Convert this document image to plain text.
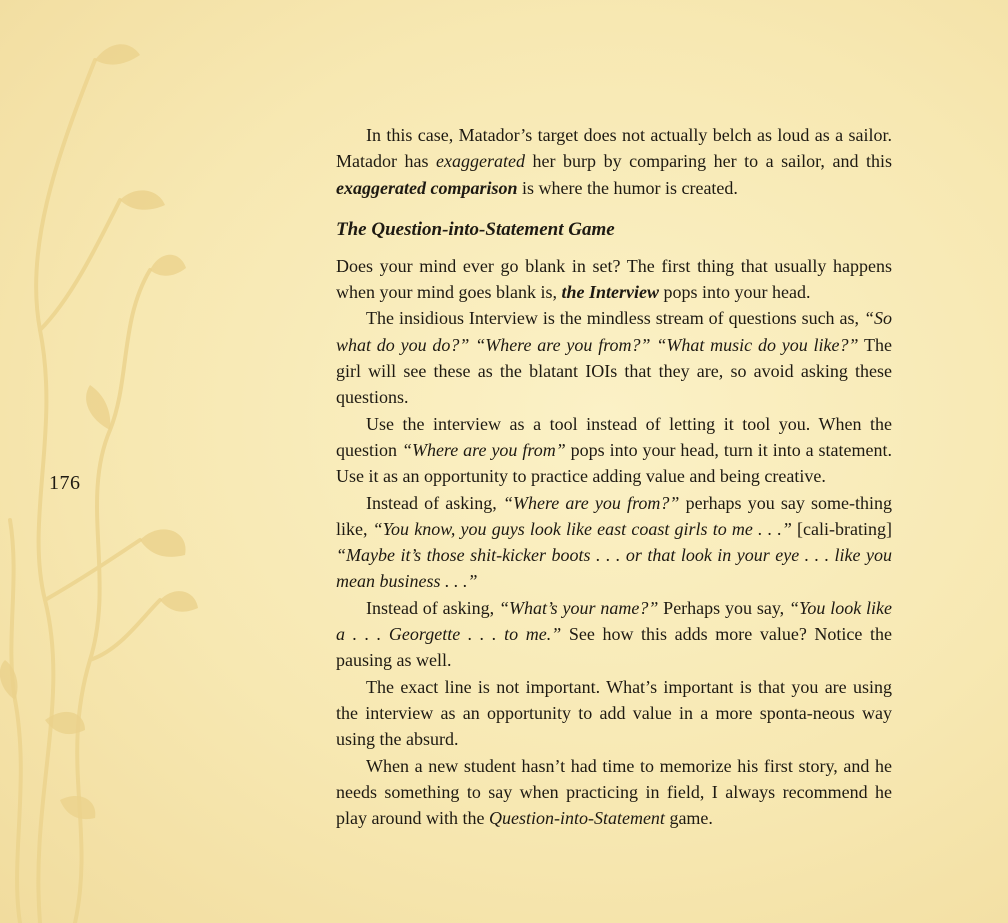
176

In this case, Matador’s target does not actually belch as loud as a sailor. Matador has exaggerated her burp by comparing her to a sailor, and this exaggerated comparison is where the humor is created.

The Question-into-Statement Game

Does your mind ever go blank in set? The first thing that usually happens when your mind goes blank is, the Interview pops into your head.

The insidious Interview is the mindless stream of questions such as, “So what do you do?” “Where are you from?” “What music do you like?” The girl will see these as the blatant IOIs that they are, so avoid asking these questions.

Use the interview as a tool instead of letting it tool you. When the question “Where are you from” pops into your head, turn it into a statement. Use it as an opportunity to practice adding value and being creative.

Instead of asking, “Where are you from?” perhaps you say some-thing like, “You know, you guys look like east coast girls to me . . .” [cali-brating] “Maybe it’s those shit-kicker boots . . . or that look in your eye . . . like you mean business . . .”

Instead of asking, “What’s your name?” Perhaps you say, “You look like a . . . Georgette . . . to me.” See how this adds more value? Notice the pausing as well.

The exact line is not important. What’s important is that you are using the interview as an opportunity to add value in a more sponta-neous way using the absurd.

When a new student hasn’t had time to memorize his first story, and he needs something to say when practicing in field, I always recommend he play around with the Question-into-Statement game.
